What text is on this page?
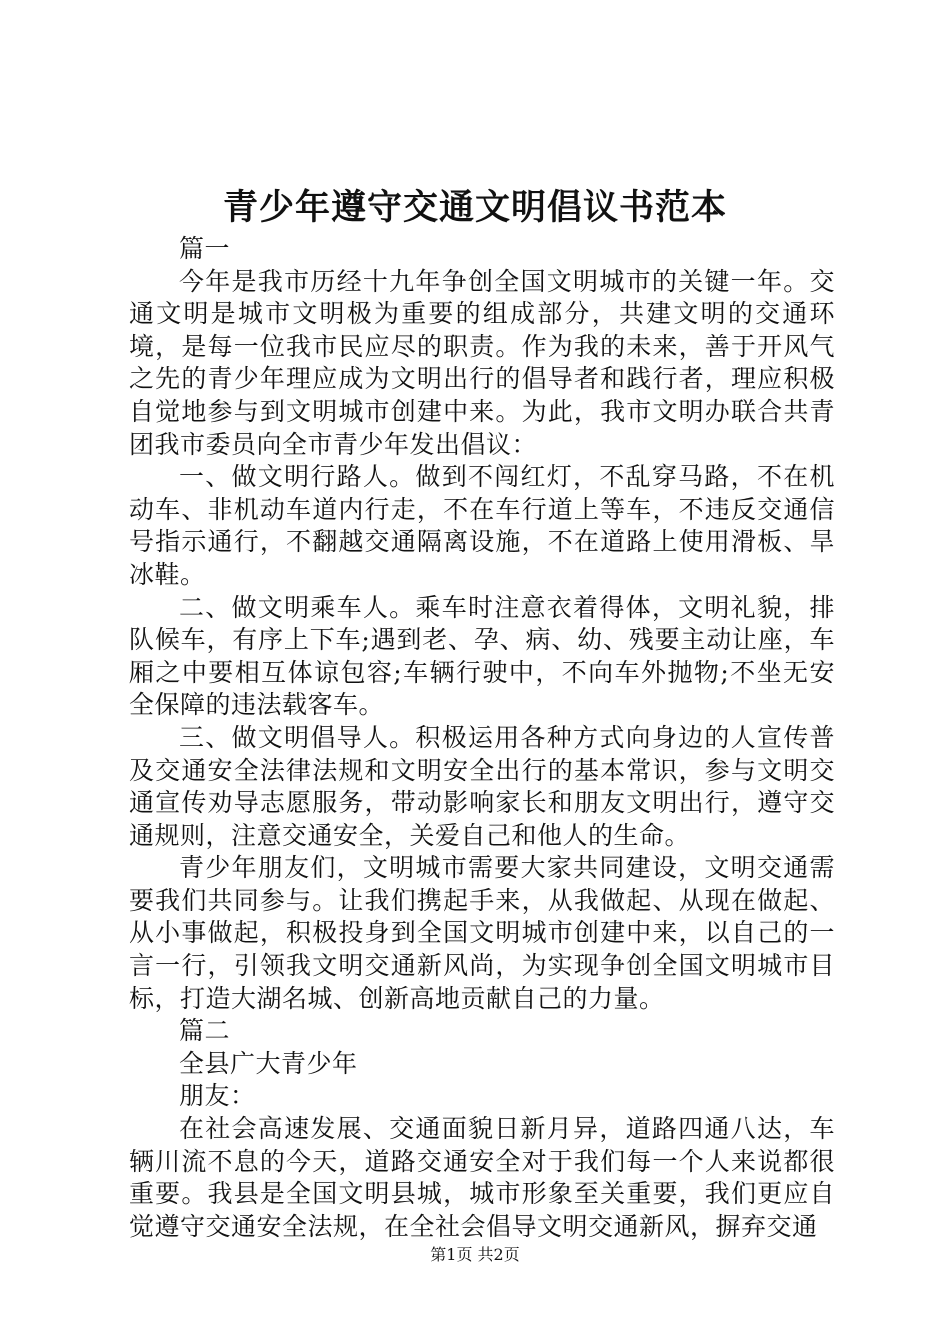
青少年遵守交通文明倡议书范本

篇一

今年是我市历经十九年争创全国文明城市的关键一年。交通文明是城市文明极为重要的组成部分，共建文明的交通环境，是每一位我市民应尽的职责。作为我的未来，善于开风气之先的青少年理应成为文明出行的倡导者和践行者，理应积极自觉地参与到文明城市创建中来。为此，我市文明办联合共青团我市委员向全市青少年发出倡议：

一、做文明行路人。做到不闯红灯，不乱穿马路，不在机动车、非机动车道内行走，不在车行道上等车，不违反交通信号指示通行，不翻越交通隔离设施，不在道路上使用滑板、旱冰鞋。

二、做文明乘车人。乘车时注意衣着得体，文明礼貌，排队候车，有序上下车;遇到老、孕、病、幼、残要主动让座，车厢之中要相互体谅包容;车辆行驶中，不向车外抛物;不坐无安全保障的违法载客车。

三、做文明倡导人。积极运用各种方式向身边的人宣传普及交通安全法律法规和文明安全出行的基本常识，参与文明交通宣传劝导志愿服务，带动影响家长和朋友文明出行，遵守交通规则，注意交通安全，关爱自己和他人的生命。

青少年朋友们，文明城市需要大家共同建设，文明交通需要我们共同参与。让我们携起手来，从我做起、从现在做起、从小事做起，积极投身到全国文明城市创建中来，以自己的一言一行，引领我文明交通新风尚，为实现争创全国文明城市目标，打造大湖名城、创新高地贡献自己的力量。

篇二

全县广大青少年

朋友：

在社会高速发展、交通面貌日新月异，道路四通八达，车辆川流不息的今天，道路交通安全对于我们每一个人来说都很重要。我县是全国文明县城，城市形象至关重要，我们更应自觉遵守交通安全法规，在全社会倡导文明交通新风，摒弃交通

第1页 共2页
